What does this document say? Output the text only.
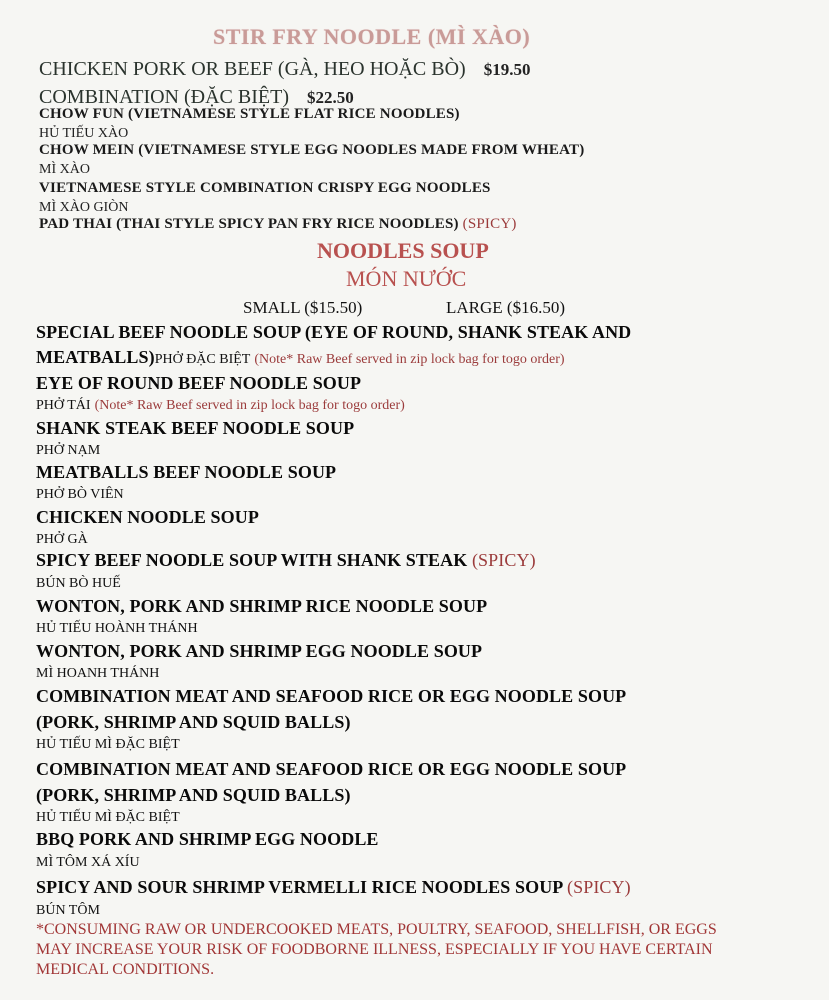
STIR FRY NOODLE (MÌ XÀO)
CHICKEN PORK OR BEEF (GÀ, HEO HOẶC BÒ) $19.50
COMBINATION (ĐẶC BIỆT) $22.50
CHOW FUN (VIETNAMESE STYLE FLAT RICE NOODLES)
HỦ TIẾU XÀO
CHOW MEIN (VIETNAMESE STYLE EGG NOODLES MADE FROM WHEAT)
MÌ XÀO
VIETNAMESE STYLE COMBINATION CRISPY EGG NOODLES
MÌ XÀO GIÒN
PAD THAI (THAI STYLE SPICY PAN FRY RICE NOODLES) (SPICY)
NOODLES SOUP
MÓN NƯỚC
SMALL ($15.50)	LARGE ($16.50)
SPECIAL BEEF NOODLE SOUP (EYE OF ROUND, SHANK STEAK AND
MEATBALLS)PHỞ ĐẶC BIỆT (Note* Raw Beef served in zip lock bag for togo order)
EYE OF ROUND BEEF NOODLE SOUP
PHỞ TÁI (Note* Raw Beef served in zip lock bag for togo order)
SHANK STEAK BEEF NOODLE SOUP
PHỞ NẠM
MEATBALLS BEEF NOODLE SOUP
PHỞ BÒ VIÊN
CHICKEN NOODLE SOUP
PHỞ GÀ
SPICY BEEF NOODLE SOUP WITH SHANK STEAK (SPICY)
BÚN BÒ HUẾ
WONTON, PORK AND SHRIMP RICE NOODLE SOUP
HỦ TIẾU HOÀNH THÁNH
WONTON, PORK AND SHRIMP EGG NOODLE SOUP
MÌ HOANH THÁNH
COMBINATION MEAT AND SEAFOOD RICE OR EGG NOODLE SOUP
(PORK, SHRIMP AND SQUID BALLS)
HỦ TIẾU MÌ ĐẶC BIỆT
COMBINATION MEAT AND SEAFOOD RICE OR EGG NOODLE SOUP
(PORK, SHRIMP AND SQUID BALLS)
HỦ TIẾU MÌ ĐẶC BIỆT
BBQ PORK AND SHRIMP EGG NOODLE
MÌ TÔM XÁ XÍU
SPICY AND SOUR SHRIMP VERMELLI RICE NOODLES SOUP (SPICY)
BÚN TÔM
*CONSUMING RAW OR UNDERCOOKED MEATS, POULTRY, SEAFOOD, SHELLFISH, OR EGGS
MAY INCREASE YOUR RISK OF FOODBORNE ILLNESS, ESPECIALLY IF YOU HAVE CERTAIN
MEDICAL CONDITIONS.
